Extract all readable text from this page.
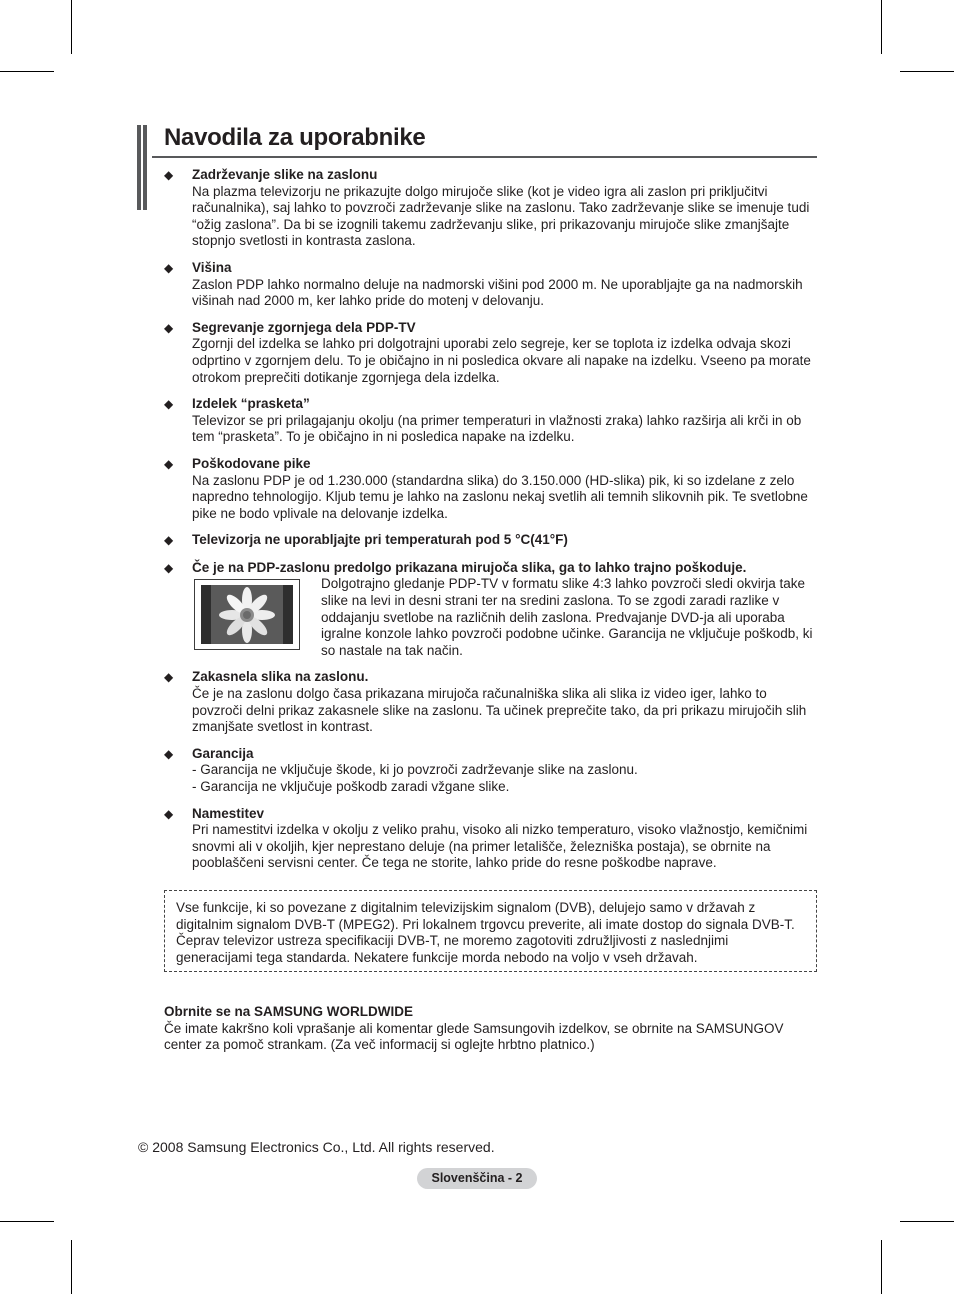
Navodila za uporabnike
◆ Zadrževanje slike na zaslonu

Na plazma televizorju ne prikazujte dolgo mirujoče slike (kot je video igra ali zaslon pri priključitvi računalnika), saj lahko to povzroči zadrževanje slike na zaslonu. Tako zadrževanje slike se imenuje tudi “ožig zaslona”. Da bi se izognili takemu zadrževanju slike, pri prikazovanju mirujoče slike zmanjšajte stopnjo svetlosti in kontrasta zaslona.

◆ Višina

Zaslon PDP lahko normalno deluje na nadmorski višini pod 2000 m. Ne uporabljajte ga na nadmorskih višinah nad 2000 m, ker lahko pride do motenj v delovanju.

◆ Segrevanje zgornjega dela PDP-TV

Zgornji del izdelka se lahko pri dolgotrajni uporabi zelo segreje, ker se toplota iz izdelka odvaja skozi odprtino v zgornjem delu. To je običajno in ni posledica okvare ali napake na izdelku. Vseeno pa morate otrokom preprečiti dotikanje zgornjega dela izdelka.

◆ Izdelek “prasketa”

Televizor se pri prilagajanju okolju (na primer temperaturi in vlažnosti zraka) lahko razširja ali krči in ob tem “prasketa”. To je običajno in ni posledica napake na izdelku.

◆ Poškodovane pike

Na zaslonu PDP je od 1.230.000 (standardna slika) do 3.150.000 (HD-slika) pik, ki so izdelane z zelo napredno tehnologijo. Kljub temu je lahko na zaslonu nekaj svetlih ali temnih slikovnih pik. Te svetlobne pike ne bodo vplivale na delovanje izdelka.

◆ Televizorja ne uporabljajte pri temperaturah pod 5 °C(41°F)

◆ Če je na PDP-zaslonu predolgo prikazana mirujoča slika, ga to lahko trajno poškoduje.

Dolgotrajno gledanje PDP-TV v formatu slike 4:3 lahko povzroči sledi okvirja take slike na levi in desni strani ter na sredini zaslona. To se zgodi zaradi razlike v oddajanju svetlobe na različnih delih zaslona. Predvajanje DVD-ja ali uporaba igralne konzole lahko povzroči podobne učinke. Garancija ne vključuje poškodb, ki so nastale na tak način.

◆ Zakasnela slika na zaslonu.

Če je na zaslonu dolgo časa prikazana mirujoča računalniška slika ali slika iz video iger, lahko to povzroči delni prikaz zakasnele slike na zaslonu. Ta učinek preprečite tako, da pri prikazu mirujočih slih zmanjšate svetlost in kontrast.

◆ Garancija

- Garancija ne vključuje škode, ki jo povzroči zadrževanje slike na zaslonu.

- Garancija ne vključuje poškodb zaradi vžgane slike.

◆ Namestitev

Pri namestitvi izdelka v okolju z veliko prahu, visoko ali nizko temperaturo, visoko vlažnostjo, kemičnimi snovmi ali v okoljih, kjer neprestano deluje (na primer letališče, železniška postaja), se obrnite na pooblaščeni servisni center. Če tega ne storite, lahko pride do resne poškodbe naprave.

Vse funkcije, ki so povezane z digitalnim televizijskim signalom (DVB), delujejo samo v državah z digitalnim signalom DVB-T (MPEG2). Pri lokalnem trgovcu preverite, ali imate dostop do signala DVB-T. Čeprav televizor ustreza specifikaciji DVB-T, ne moremo zagotoviti združljivosti z naslednjimi generacijami tega standarda. Nekatere funkcije morda nebodo na voljo v vseh državah.

Obrnite se na SAMSUNG WORLDWIDE

Če imate kakršno koli vprašanje ali komentar glede Samsungovih izdelkov, se obrnite na SAMSUNGOV center za pomoč strankam. (Za več informacij si oglejte hrbtno platnico.)

© 2008 Samsung Electronics Co., Ltd. All rights reserved.
Slovenščina - 2
